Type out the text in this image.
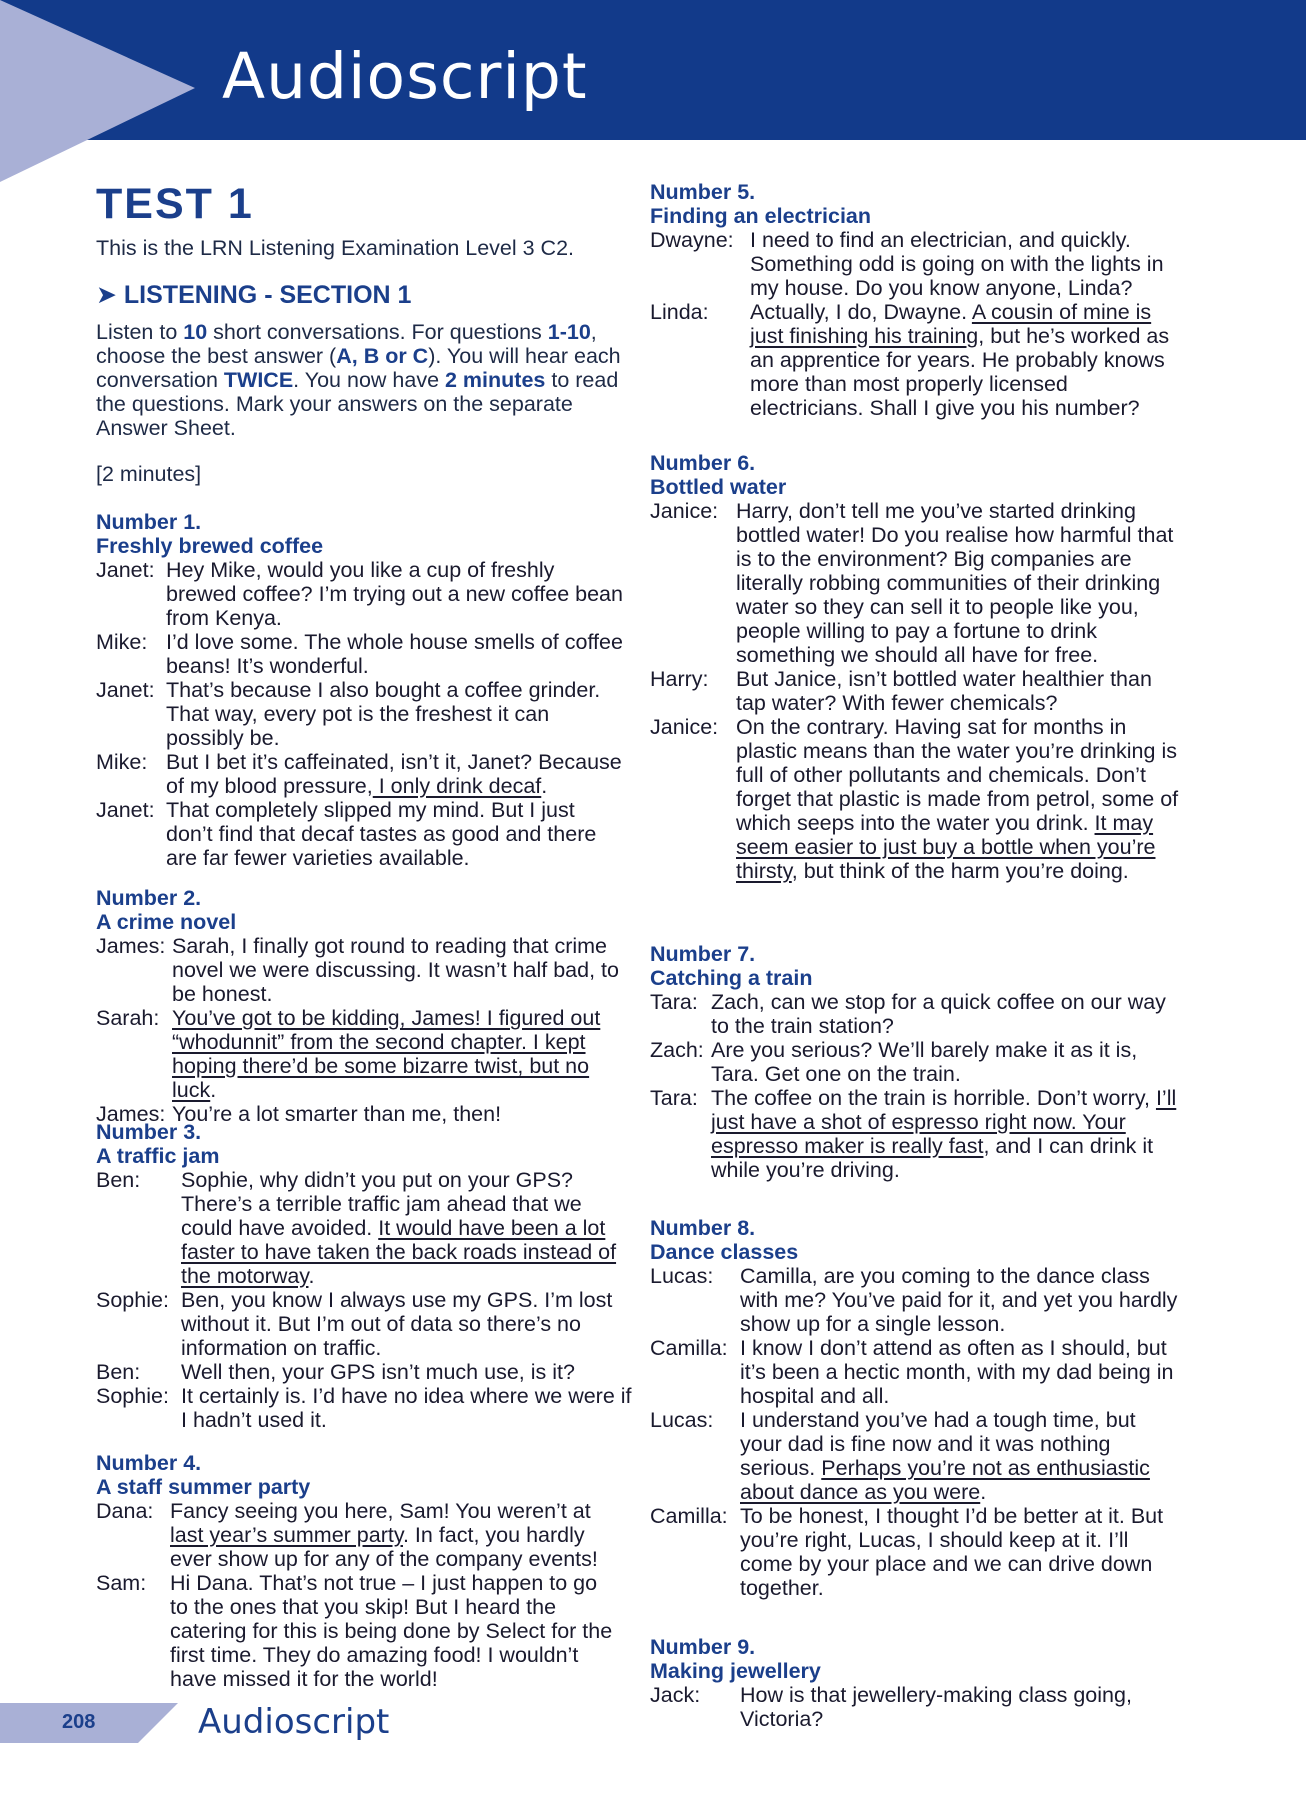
Audioscript
TEST 1
This is the LRN Listening Examination Level 3 C2.
➤ LISTENING - SECTION 1
Listen to 10 short conversations. For questions 1-10, choose the best answer (A, B or C). You will hear each conversation TWICE. You now have 2 minutes to read the questions. Mark your answers on the separate Answer Sheet.
[2 minutes]
Number 1.
Freshly brewed coffee
Janet: Hey Mike, would you like a cup of freshly brewed coffee? I’m trying out a new coffee bean from Kenya.
Mike: I’d love some. The whole house smells of coffee beans! It’s wonderful.
Janet: That’s because I also bought a coffee grinder. That way, every pot is the freshest it can possibly be.
Mike: But I bet it’s caffeinated, isn’t it, Janet? Because of my blood pressure, I only drink decaf.
Janet: That completely slipped my mind. But I just don’t find that decaf tastes as good and there are far fewer varieties available.
Number 2.
A crime novel
James: Sarah, I finally got round to reading that crime novel we were discussing. It wasn’t half bad, to be honest.
Sarah: You’ve got to be kidding, James! I figured out “whodunnit” from the second chapter. I kept hoping there’d be some bizarre twist, but no luck.
James: You’re a lot smarter than me, then!
Number 3.
A traffic jam
Ben:	Sophie, why didn’t you put on your GPS? There’s a terrible traffic jam ahead that we could have avoided. It would have been a lot faster to have taken the back roads instead of the motorway.
Sophie: Ben, you know I always use my GPS. I’m lost without it. But I’m out of data so there’s no information on traffic.
Ben:	Well then, your GPS isn’t much use, is it?
Sophie: It certainly is. I’d have no idea where we were if I hadn’t used it.
Number 4.
A staff summer party
Dana: Fancy seeing you here, Sam! You weren’t at last year’s summer party. In fact, you hardly ever show up for any of the company events!
Sam:	Hi Dana. That’s not true – I just happen to go to the ones that you skip! But I heard the catering for this is being done by Select for the first time. They do amazing food! I wouldn’t have missed it for the world!
Number 5.
Finding an electrician
Dwayne: I need to find an electrician, and quickly. Something odd is going on with the lights in my house. Do you know anyone, Linda?
Linda:	Actually, I do, Dwayne. A cousin of mine is just finishing his training, but he’s worked as an apprentice for years. He probably knows more than most properly licensed electricians. Shall I give you his number?
Number 6.
Bottled water
Janice: Harry, don’t tell me you’ve started drinking bottled water! Do you realise how harmful that is to the environment? Big companies are literally robbing communities of their drinking water so they can sell it to people like you, people willing to pay a fortune to drink something we should all have for free.
Harry:	But Janice, isn’t bottled water healthier than tap water? With fewer chemicals?
Janice: On the contrary. Having sat for months in plastic means than the water you’re drinking is full of other pollutants and chemicals. Don’t forget that plastic is made from petrol, some of which seeps into the water you drink. It may seem easier to just buy a bottle when you’re thirsty, but think of the harm you’re doing.
Number 7.
Catching a train
Tara: Zach, can we stop for a quick coffee on our way to the train station?
Zach: Are you serious? We’ll barely make it as it is, Tara. Get one on the train.
Tara: The coffee on the train is horrible. Don’t worry, I’ll just have a shot of espresso right now. Your espresso maker is really fast, and I can drink it while you’re driving.
Number 8.
Dance classes
Lucas:	Camilla, are you coming to the dance class with me? You’ve paid for it, and yet you hardly show up for a single lesson.
Camilla: I know I don’t attend as often as I should, but it’s been a hectic month, with my dad being in hospital and all.
Lucas:	I understand you’ve had a tough time, but your dad is fine now and it was nothing serious. Perhaps you’re not as enthusiastic about dance as you were.
Camilla: To be honest, I thought I’d be better at it. But you’re right, Lucas, I should keep at it. I’ll come by your place and we can drive down together.
Number 9.
Making jewellery
Jack:	How is that jewellery-making class going, Victoria?
208	Audioscript
